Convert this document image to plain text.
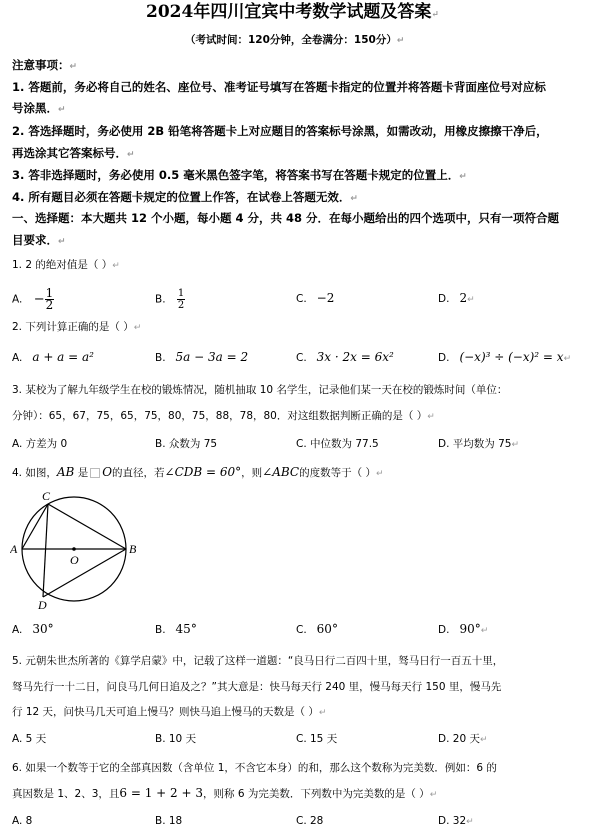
2024年四川宜宾中考数学试题及答案↵
（考试时间：120分钟，全卷满分：150分）↵
注意事项：↵
1. 答题前，务必将自己的姓名、座位号、准考证号填写在答题卡指定的位置并将答题卡背面座位号对应标
号涂黑．↵
2. 答选择题时，务必使用 2B 铅笔将答题卡上对应题目的答案标号涂黑，如需改动，用橡皮擦擦干净后，
再选涂其它答案标号．↵
3. 答非选择题时，务必使用 0.5 毫米黑色签字笔，将答案书写在答题卡规定的位置上．↵
4. 所有题目必须在答题卡规定的位置上作答，在试卷上答题无效．↵
一、选择题：本大题共 12 个小题，每小题 4 分，共 48 分．在每小题给出的四个选项中，只有一项符合题
目要求．↵
1. 2 的绝对值是（ ）↵
A. − $\frac{1}{2}$	B. $\frac{1}{2}$	C. −2	D. 2↵
2. 下列计算正确的是（ ）↵
A. a + a = a²	B. 5a − 3a = 2	C. 3x · 2x = 6x²	D. (−x)³ ÷ (−x)² = x↵
3. 某校为了解九年级学生在校的锻炼情况，随机抽取 10 名学生，记录他们某一天在校的锻炼时间（单位：
分钟）：65，67，75，65，75，80，75，88，78，80．对这组数据判断正确的是（ ）↵
A. 方差为 0	B. 众数为 75	C. 中位数为 77.5	D. 平均数为 75↵
4. 如图，AB 是 O的直径，若∠CDB = 60°，则∠ABC的度数等于（ ）↵
A	B
C
D
O
A. 30°	B. 45°	C. 60°	D. 90°↵
5. 元朝朱世杰所著的《算学启蒙》中，记载了这样一道题：“良马日行二百四十里，驽马日行一百五十里，
驽马先行一十二日，问良马几何日追及之？”其大意是：快马每天行 240 里，慢马每天行 150 里，慢马先
行 12 天，问快马几天可追上慢马？则快马追上慢马的天数是（ ）↵
A. 5 天	B. 10 天	C. 15 天	D. 20 天↵
6. 如果一个数等于它的全部真因数（含单位 1，不含它本身）的和，那么这个数称为完美数．例如：6 的
真因数是 1、2、3，且6 = 1 + 2 + 3，则称 6 为完美数．下列数中为完美数的是（ ）↵
A. 8	B. 18	C. 28	D. 32↵
